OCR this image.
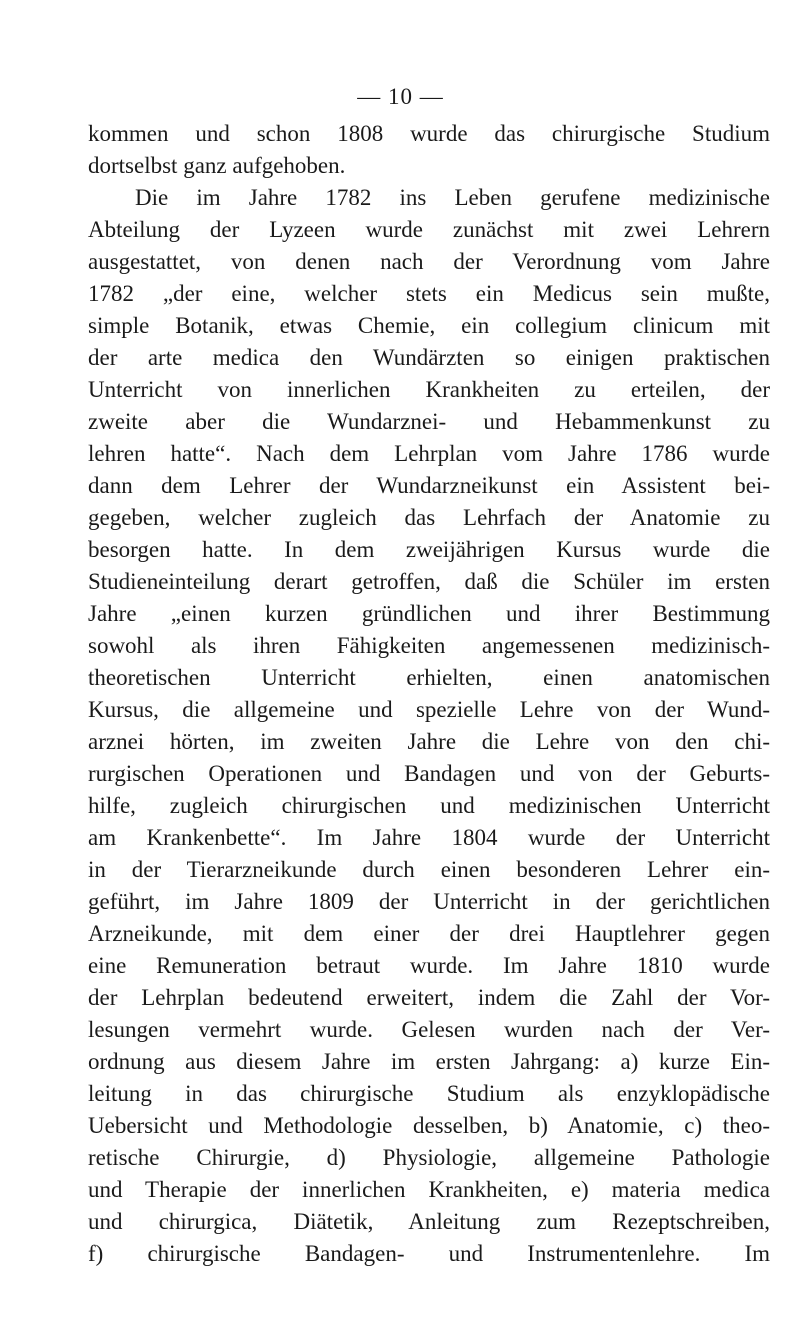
— 10 —
kommen und schon 1808 wurde das chirurgische Studium
dortselbst ganz aufgehoben.
Die im Jahre 1782 ins Leben gerufene medizinische
Abteilung der Lyzeen wurde zunächst mit zwei Lehrern
ausgestattet, von denen nach der Verordnung vom Jahre
1782 „der eine, welcher stets ein Medicus sein mußte,
simple Botanik, etwas Chemie, ein collegium clinicum mit
der arte medica den Wundärzten so einigen praktischen
Unterricht von innerlichen Krankheiten zu erteilen, der
zweite aber die Wundarznei- und Hebammenkunst zu
lehren hatte“. Nach dem Lehrplan vom Jahre 1786 wurde
dann dem Lehrer der Wundarzneikunst ein Assistent bei-
gegeben, welcher zugleich das Lehrfach der Anatomie zu
besorgen hatte. In dem zweijährigen Kursus wurde die
Studieneinteilung derart getroffen, daß die Schüler im ersten
Jahre „einen kurzen gründlichen und ihrer Bestimmung
sowohl als ihren Fähigkeiten angemessenen medizinisch-
theoretischen Unterricht erhielten, einen anatomischen
Kursus, die allgemeine und spezielle Lehre von der Wund-
arznei hörten, im zweiten Jahre die Lehre von den chi-
rurgischen Operationen und Bandagen und von der Geburts-
hilfe, zugleich chirurgischen und medizinischen Unterricht
am Krankenbette“. Im Jahre 1804 wurde der Unterricht
in der Tierarzneikunde durch einen besonderen Lehrer ein-
geführt, im Jahre 1809 der Unterricht in der gerichtlichen
Arzneikunde, mit dem einer der drei Hauptlehrer gegen
eine Remuneration betraut wurde. Im Jahre 1810 wurde
der Lehrplan bedeutend erweitert, indem die Zahl der Vor-
lesungen vermehrt wurde. Gelesen wurden nach der Ver-
ordnung aus diesem Jahre im ersten Jahrgang: a) kurze Ein-
leitung in das chirurgische Studium als enzyklopädische
Uebersicht und Methodologie desselben, b) Anatomie, c) theo-
retische Chirurgie, d) Physiologie, allgemeine Pathologie
und Therapie der innerlichen Krankheiten, e) materia medica
und chirurgica, Diätetik, Anleitung zum Rezeptschreiben,
f) chirurgische Bandagen- und Instrumentenlehre. Im
